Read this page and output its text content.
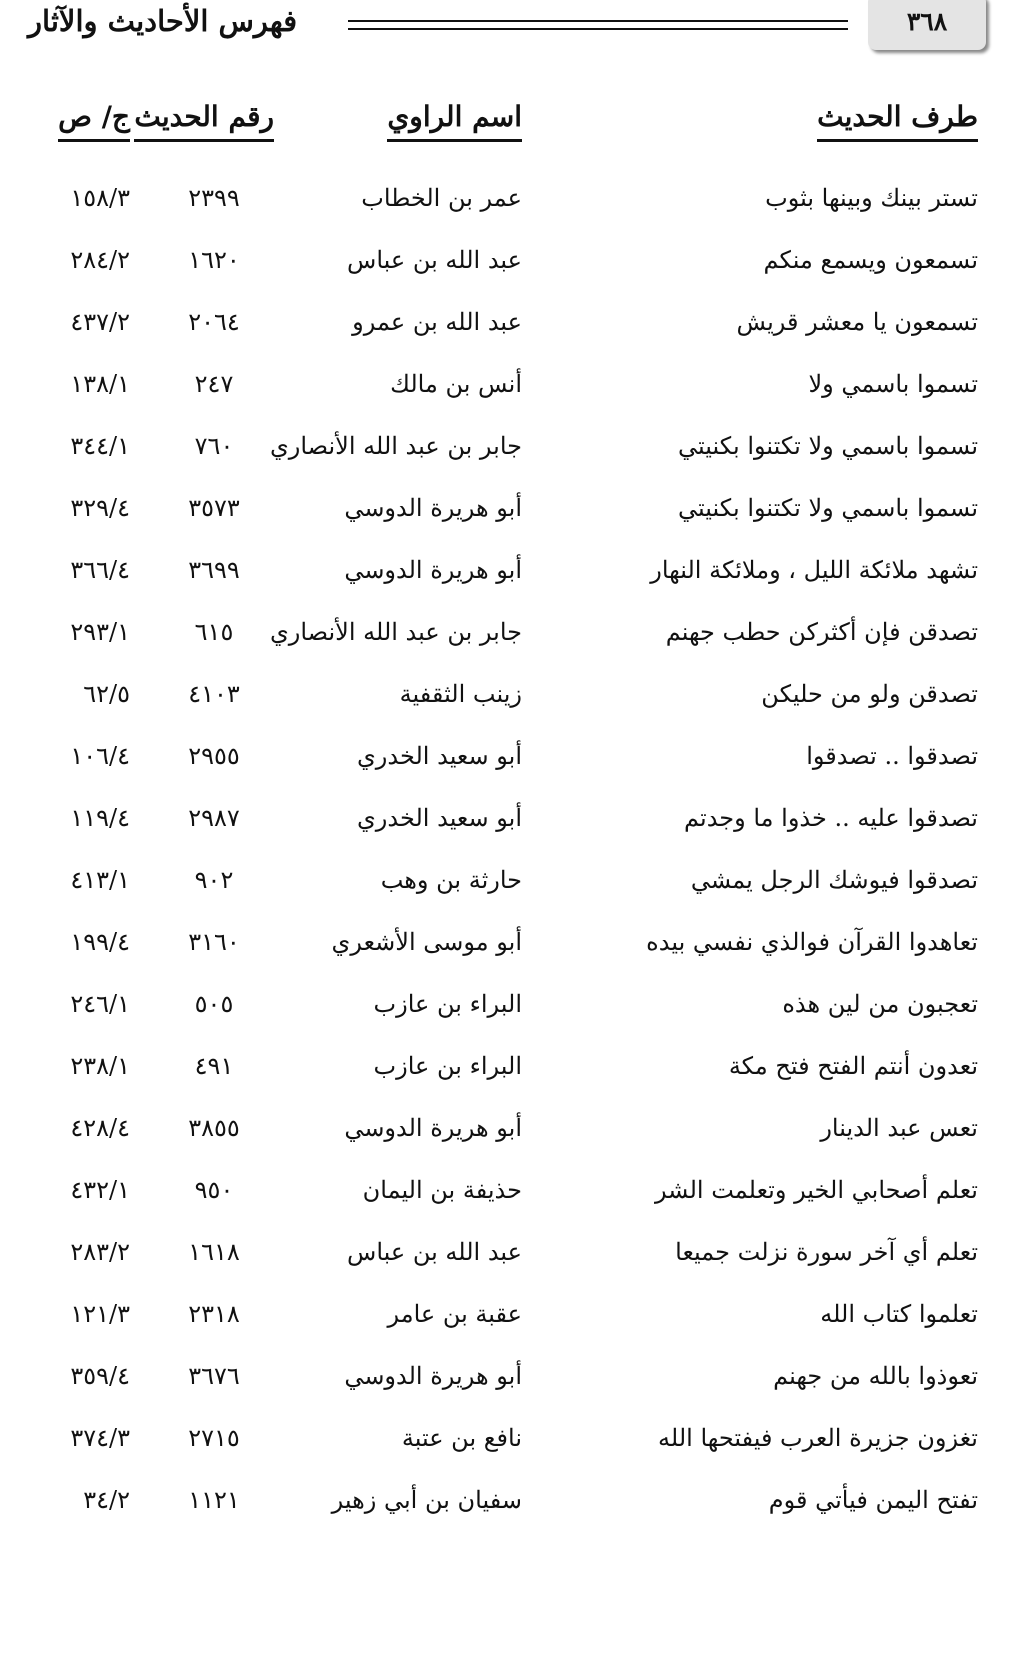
فهرس الأحاديث والآثار	٣٦٨
طرف الحديث
اسم الراوي
رقم الحديث
ج/ ص
تستر بينك وبينها بثوب
عمر بن الخطاب
٢٣٩٩
١٥٨/٣
تسمعون ويسمع منكم
عبد الله بن عباس
١٦٢٠
٢٨٤/٢
تسمعون يا معشر قريش
عبد الله بن عمرو
٢٠٦٤
٤٣٧/٢
تسموا باسمي ولا
أنس بن مالك
٢٤٧
١٣٨/١
تسموا باسمي ولا تكتنوا بكنيتي
جابر بن عبد الله الأنصاري
٧٦٠
٣٤٤/١
تسموا باسمي ولا تكتنوا بكنيتي
أبو هريرة الدوسي
٣٥٧٣
٣٢٩/٤
تشهد ملائكة الليل ، وملائكة النهار
أبو هريرة الدوسي
٣٦٩٩
٣٦٦/٤
تصدقن فإن أكثركن حطب جهنم
جابر بن عبد الله الأنصاري
٦١٥
٢٩٣/١
تصدقن ولو من حليكن
زينب الثقفية
٤١٠٣
٦٢/٥
تصدقوا .. تصدقوا
أبو سعيد الخدري
٢٩٥٥
١٠٦/٤
تصدقوا عليه .. خذوا ما وجدتم
أبو سعيد الخدري
٢٩٨٧
١١٩/٤
تصدقوا فيوشك الرجل يمشي
حارثة بن وهب
٩٠٢
٤١٣/١
تعاهدوا القرآن فوالذي نفسي بيده
أبو موسى الأشعري
٣١٦٠
١٩٩/٤
تعجبون من لين هذه
البراء بن عازب
٥٠٥
٢٤٦/١
تعدون أنتم الفتح فتح مكة
البراء بن عازب
٤٩١
٢٣٨/١
تعس عبد الدينار
أبو هريرة الدوسي
٣٨٥٥
٤٢٨/٤
تعلم أصحابي الخير وتعلمت الشر
حذيفة بن اليمان
٩٥٠
٤٣٢/١
تعلم أي آخر سورة نزلت جميعا
عبد الله بن عباس
١٦١٨
٢٨٣/٢
تعلموا كتاب الله
عقبة بن عامر
٢٣١٨
١٢١/٣
تعوذوا بالله من جهنم
أبو هريرة الدوسي
٣٦٧٦
٣٥٩/٤
تغزون جزيرة العرب فيفتحها الله
نافع بن عتبة
٢٧١٥
٣٧٤/٣
تفتح اليمن فيأتي قوم
سفيان بن أبي زهير
١١٢١
٣٤/٢
